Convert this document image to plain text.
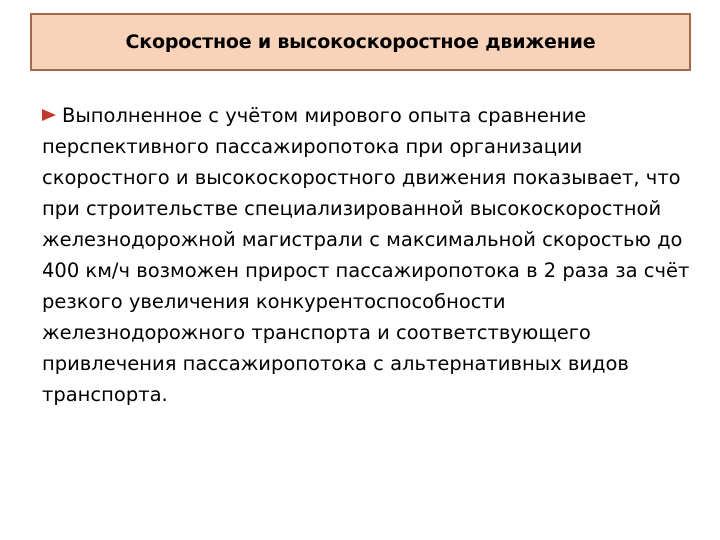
Скоростное и высокоскоростное движение

Выполненное с учётом мирового опыта сравнение перспективного пассажиропотока при организации скоростного и высокоскоростного движения показывает, что при строительстве специализированной высокоскоростной железнодорожной магистрали с максимальной скоростью до 400 км/ч возможен прирост пассажиропотока в 2 раза за счёт резкого увеличения конкурентоспособности железнодорожного транспорта и соответствующего привлечения пассажиропотока с альтернативных видов транспорта.
